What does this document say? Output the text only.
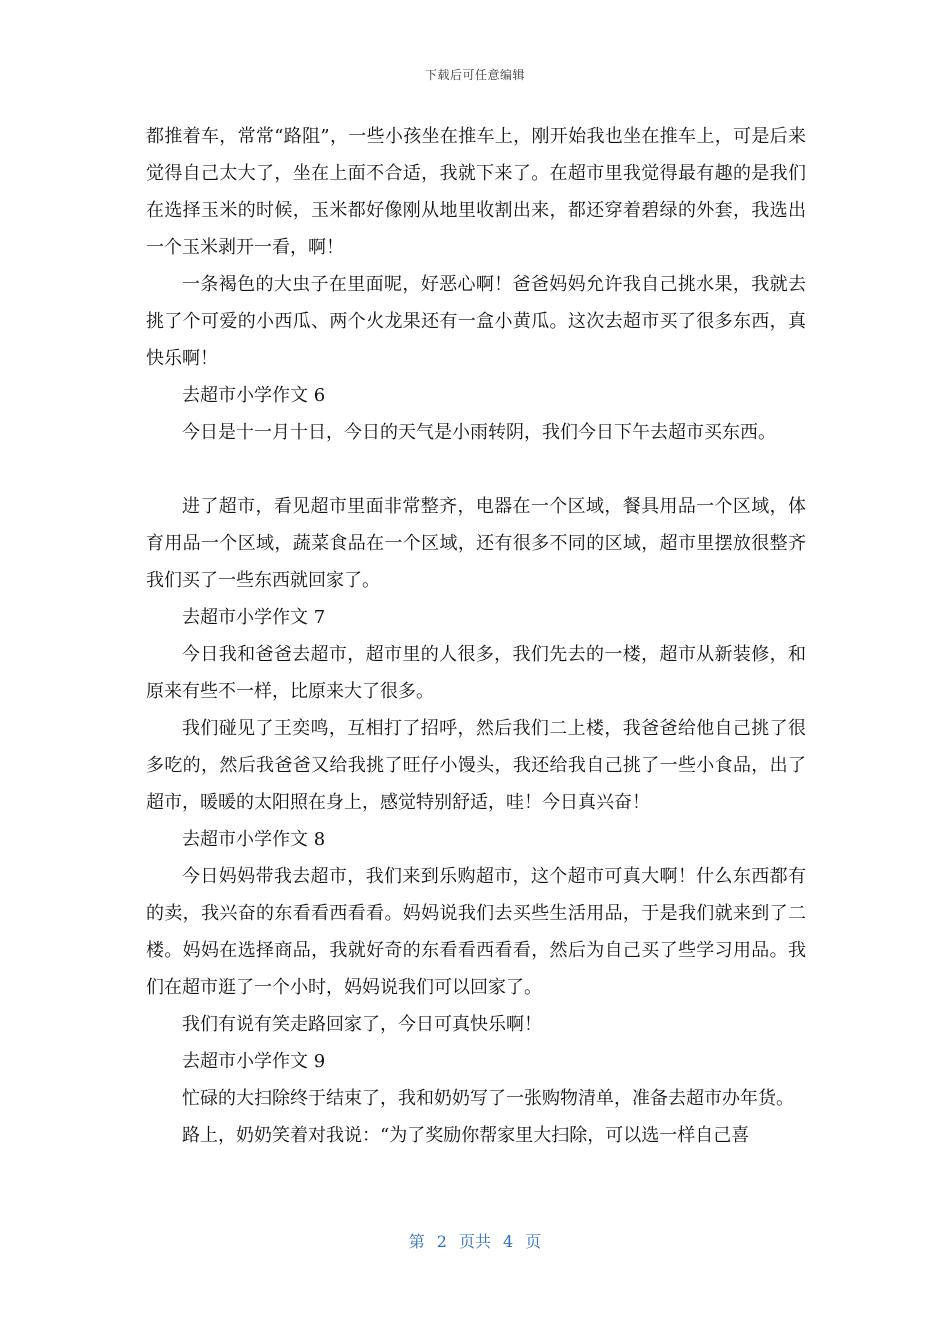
下载后可任意编辑

都推着车，常常“路阻”，一些小孩坐在推车上，刚开始我也坐在推车上，可是后来觉得自己太大了，坐在上面不合适，我就下来了。在超市里我觉得最有趣的是我们在选择玉米的时候，玉米都好像刚从地里收割出来，都还穿着碧绿的外套，我选出一个玉米剥开一看，啊！

一条褐色的大虫子在里面呢，好恶心啊！爸爸妈妈允许我自己挑水果，我就去挑了个可爱的小西瓜、两个火龙果还有一盒小黄瓜。这次去超市买了很多东西，真快乐啊！

去超市小学作文 6

今日是十一月十日，今日的天气是小雨转阴，我们今日下午去超市买东西。

进了超市，看见超市里面非常整齐，电器在一个区域，餐具用品一个区域，体育用品一个区域，蔬菜食品在一个区域，还有很多不同的区域，超市里摆放很整齐我们买了一些东西就回家了。

去超市小学作文 7

今日我和爸爸去超市，超市里的人很多，我们先去的一楼，超市从新装修，和原来有些不一样，比原来大了很多。

我们碰见了王奕鸣，互相打了招呼，然后我们二上楼，我爸爸给他自己挑了很多吃的，然后我爸爸又给我挑了旺仔小馒头，我还给我自己挑了一些小食品，出了超市，暖暖的太阳照在身上，感觉特别舒适，哇！今日真兴奋！

去超市小学作文 8

今日妈妈带我去超市，我们来到乐购超市，这个超市可真大啊！什么东西都有的卖，我兴奋的东看看西看看。妈妈说我们去买些生活用品，于是我们就来到了二楼。妈妈在选择商品，我就好奇的东看看西看看，然后为自己买了些学习用品。我们在超市逛了一个小时，妈妈说我们可以回家了。

我们有说有笑走路回家了，今日可真快乐啊！

去超市小学作文 9

忙碌的大扫除终于结束了，我和奶奶写了一张购物清单，准备去超市办年货。

路上，奶奶笑着对我说：“为了奖励你帮家里大扫除，可以选一样自己喜

第 2 页共 4 页
